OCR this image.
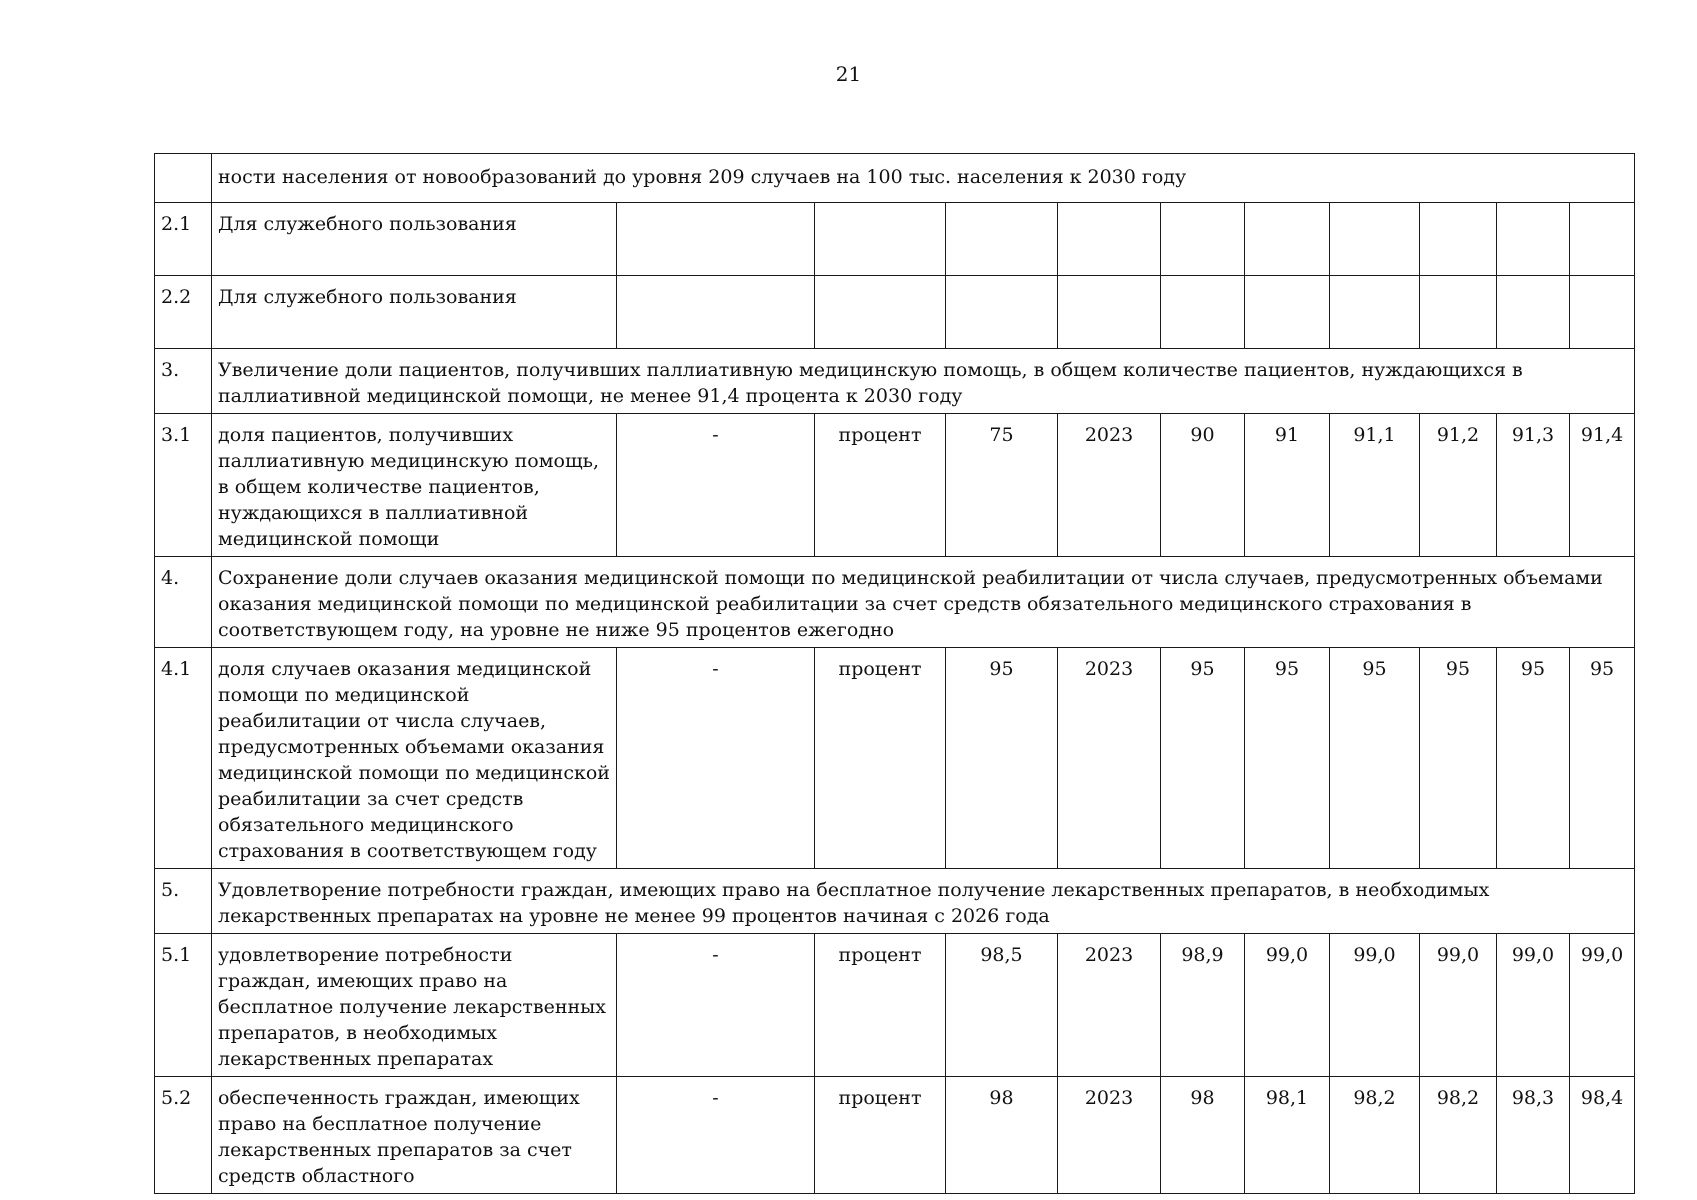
21
	ности населения от новообразований до уровня 209 случаев на 100 тыс. населения к 2030 году										
2.1	Для служебного пользования										
2.2	Для служебного пользования										
3.	Увеличение доли пациентов, получивших паллиативную медицинскую помощь, в общем количестве пациентов, нуждающихся в паллиативной медицинской помощи, не менее 91,4 процента к 2030 году										
3.1	доля пациентов, получивших паллиативную медицинскую помощь, в общем количестве пациентов, нуждающихся в паллиативной медицинской помощи	-	процент	75	2023	90	91	91,1	91,2	91,3	91,4
4.	Сохранение доли случаев оказания медицинской помощи по медицинской реабилитации от числа случаев, предусмотренных объемами оказания медицинской помощи по медицинской реабилитации за счет средств обязательного медицинского страхования в соответствующем году, на уровне не ниже 95 процентов ежегодно										
4.1	доля случаев оказания медицинской помощи по медицинской реабилитации от числа случаев, предусмотренных объемами оказания медицинской помощи по медицинской реабилитации за счет средств обязательного медицинского страхования в соответствующем году	-	процент	95	2023	95	95	95	95	95	95
5.	Удовлетворение потребности граждан, имеющих право на бесплатное получение лекарственных препаратов, в необходимых лекарственных препаратах на уровне не менее 99 процентов начиная с 2026 года										
5.1	удовлетворение потребности граждан, имеющих право на бесплатное получение лекарственных препаратов, в необходимых лекарственных препаратах	-	процент	98,5	2023	98,9	99,0	99,0	99,0	99,0	99,0
5.2	обеспеченность граждан, имеющих право на бесплатное получение лекарственных препаратов за счет средств областного	-	процент	98	2023	98	98,1	98,2	98,2	98,3	98,4
